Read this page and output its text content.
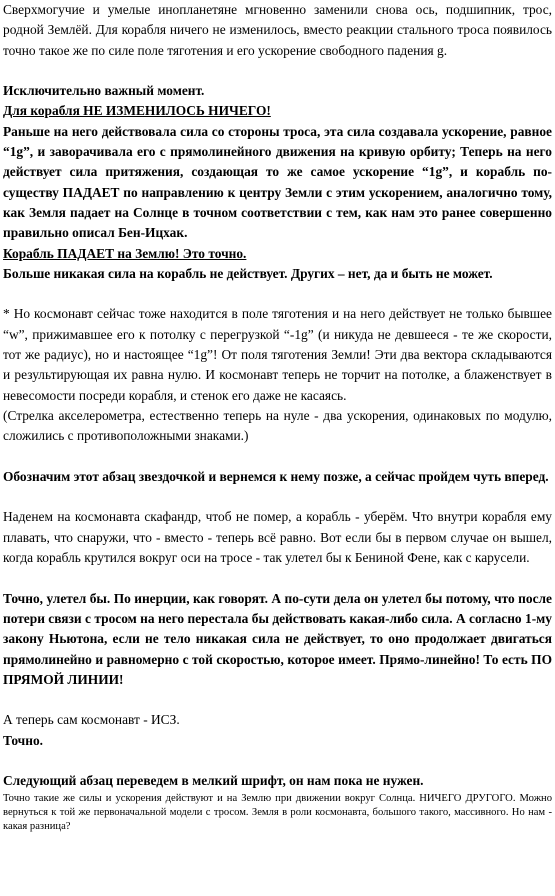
Сверхмогучие и умелые инопланетяне мгновенно заменили снова ось, подшипник, трос, родной Землёй. Для корабля ничего не изменилось, вместо реакции стального троса появилось точно такое же по силе поле тяготения и его ускорение свободного падения g.

Исключительно важный момент.

Для корабля НЕ ИЗМЕНИЛОСЬ НИЧЕГО!

Раньше на него действовала сила со стороны троса, эта сила создавала ускорение, равное “1g”, и заворачивала его с прямолинейного движения на кривую орбиту; Теперь на него действует сила притяжения, создающая то же самое ускорение “1g”, и корабль по-существу ПАДАЕТ по направлению к центру Земли с этим ускорением, аналогично тому, как Земля падает на Солнце в точном соответствии с тем, как нам это ранее совершенно правильно описал Бен-Ицхак.

Корабль ПАДАЕТ на Землю! Это точно.

Больше никакая сила на корабль не действует. Других – нет, да и быть не может.

* Но космонавт сейчас тоже находится в поле тяготения и на него действует не только бывшее “w”, прижимавшее его к потолку с перегрузкой “-1g” (и никуда не девшееся - те же скорости, тот же радиус), но и настоящее “1g”! От поля тяготения Земли! Эти два вектора складываются и результирующая их равна нулю. И космонавт теперь не торчит на потолке, а блаженствует в невесомости посреди корабля, и стенок его даже не касаясь.

(Стрелка акселерометра, естественно теперь на нуле - два ускорения, одинаковых по модулю, сложились с противоположными знаками.)

Обозначим этот абзац звездочкой и вернемся к нему позже, а сейчас пройдем чуть вперед.

Наденем на космонавта скафандр, чтоб не помер, а корабль - уберём. Что внутри корабля ему плавать, что снаружи, что - вместо - теперь всё равно. Вот если бы в первом случае он вышел, когда корабль крутился вокруг оси на тросе - так улетел бы к Бениной Фене, как с карусели.

Точно, улетел бы. По инерции, как говорят. А по-сути дела он улетел бы потому, что после потери связи с тросом на него перестала бы действовать какая-либо сила. А согласно 1-му закону Ньютона, если не тело никакая сила не действует, то оно продолжает двигаться прямолинейно и равномерно с той скоростью, которое имеет. Прямо-линейно! То есть ПО ПРЯМОЙ ЛИНИИ!

А теперь сам космонавт - ИСЗ.

Точно.

Следующий абзац переведем в мелкий шрифт, он нам пока не нужен.

Точно такие же силы и ускорения действуют и на Землю при движении вокруг Солнца. НИЧЕГО ДРУГОГО. Можно вернуться к той же первоначальной модели с тросом. Земля в роли космонавта, большого такого, массивного. Но нам - какая разница?
